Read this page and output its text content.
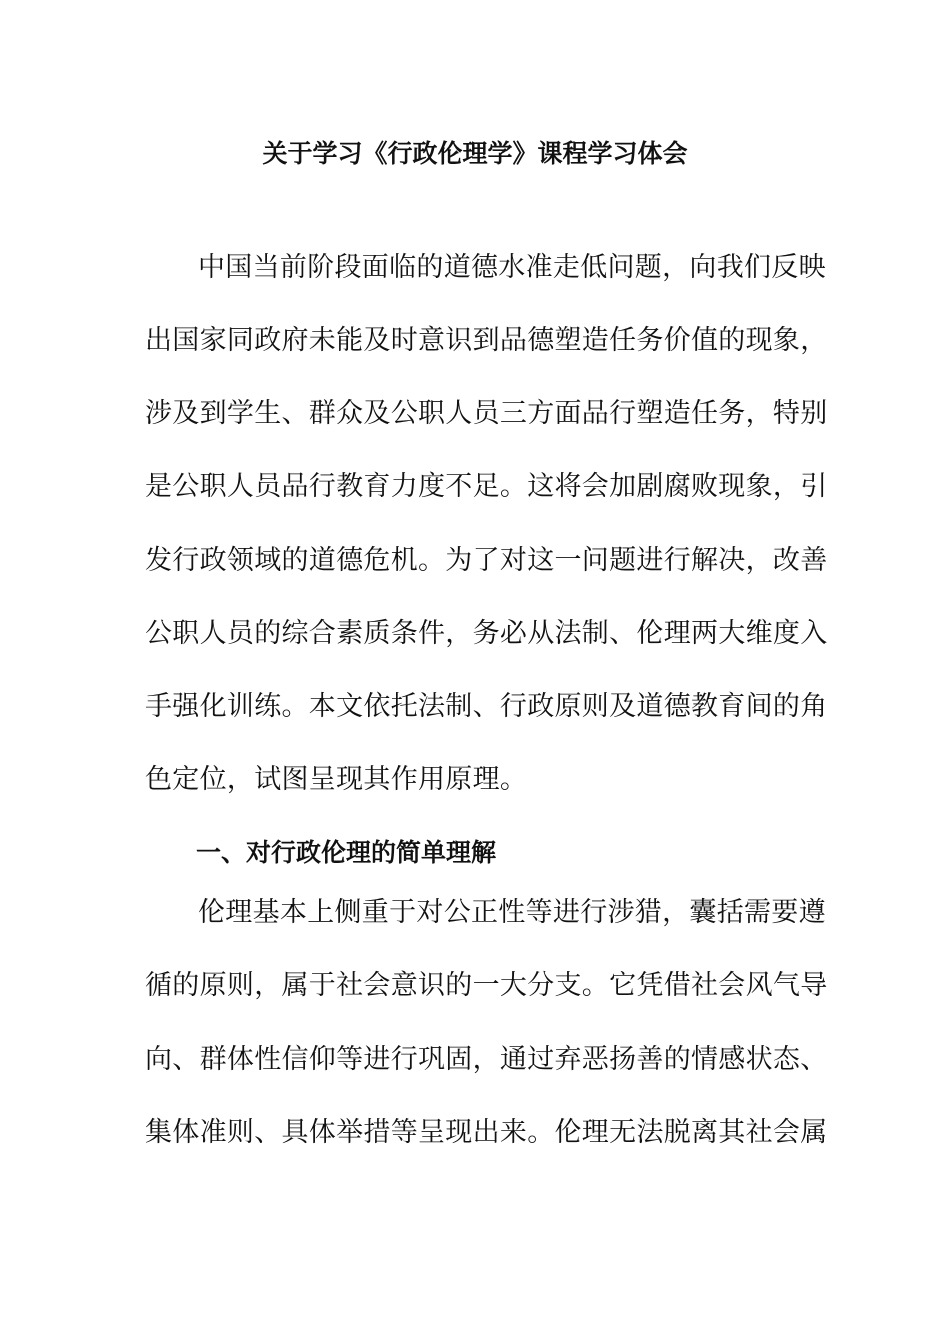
关于学习《行政伦理学》课程学习体会
中国当前阶段面临的道德水准走低问题，向我们反映
出国家同政府未能及时意识到品德塑造任务价值的现象，
涉及到学生、群众及公职人员三方面品行塑造任务，特别
是公职人员品行教育力度不足。这将会加剧腐败现象，引
发行政领域的道德危机。为了对这一问题进行解决，改善
公职人员的综合素质条件，务必从法制、伦理两大维度入
手强化训练。本文依托法制、行政原则及道德教育间的角
色定位，试图呈现其作用原理。
一、对行政伦理的简单理解
伦理基本上侧重于对公正性等进行涉猎，囊括需要遵
循的原则，属于社会意识的一大分支。它凭借社会风气导
向、群体性信仰等进行巩固，通过弃恶扬善的情感状态、
集体准则、具体举措等呈现出来。伦理无法脱离其社会属
